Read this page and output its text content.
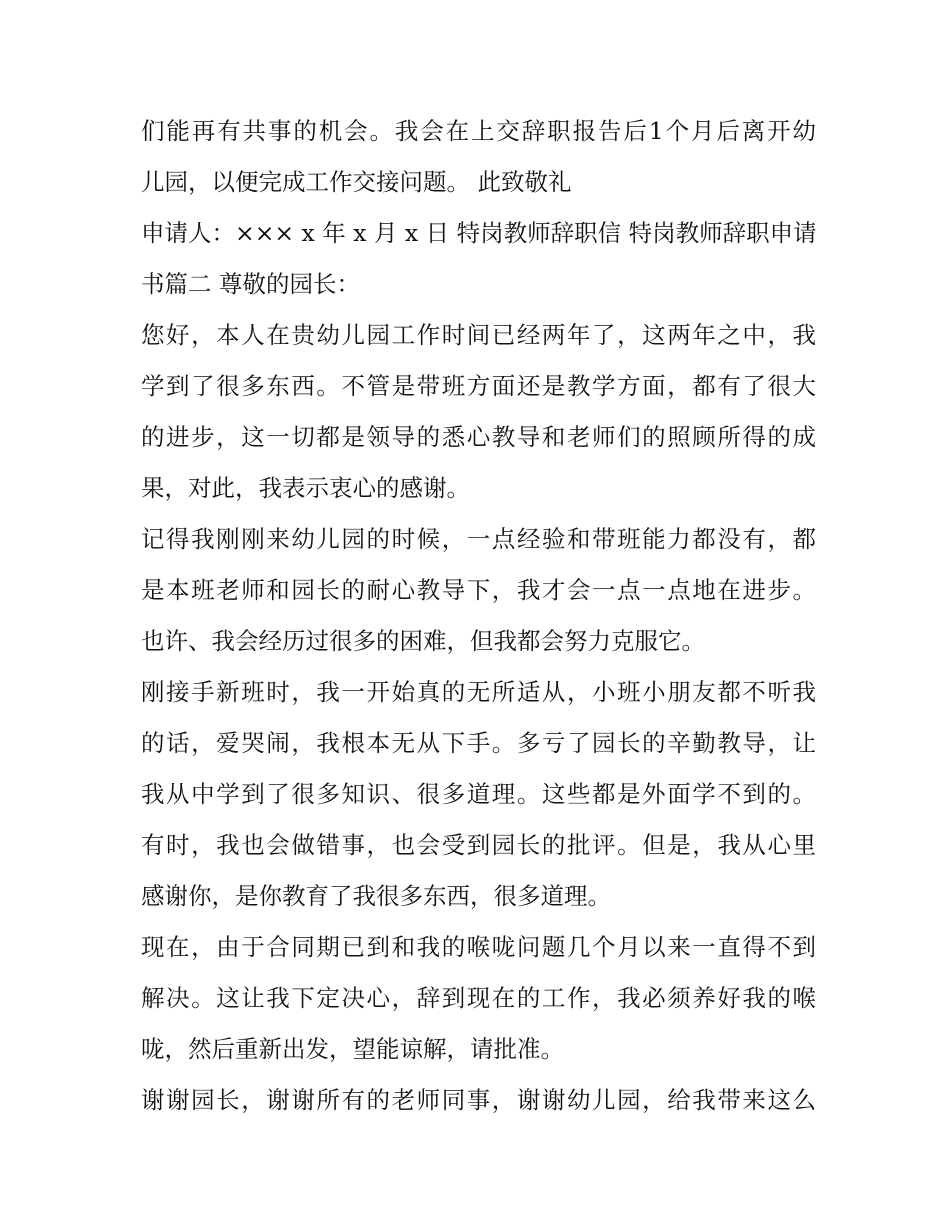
们能再有共事的机会。我会在上交辞职报告后1个月后离开幼
儿园，以便完成工作交接问题。 此致敬礼
申请人：××× x 年 x 月 x 日 特岗教师辞职信 特岗教师辞职申请
书篇二 尊敬的园长：
您好，本人在贵幼儿园工作时间已经两年了，这两年之中，我
学到了很多东西。不管是带班方面还是教学方面，都有了很大
的进步，这一切都是领导的悉心教导和老师们的照顾所得的成
果，对此，我表示衷心的感谢。
记得我刚刚来幼儿园的时候，一点经验和带班能力都没有，都
是本班老师和园长的耐心教导下，我才会一点一点地在进步。
也许、我会经历过很多的困难，但我都会努力克服它。
刚接手新班时，我一开始真的无所适从，小班小朋友都不听我
的话，爱哭闹，我根本无从下手。多亏了园长的辛勤教导，让
我从中学到了很多知识、很多道理。这些都是外面学不到的。
有时，我也会做错事，也会受到园长的批评。但是，我从心里
感谢你，是你教育了我很多东西，很多道理。
现在，由于合同期已到和我的喉咙问题几个月以来一直得不到
解决。这让我下定决心，辞到现在的工作，我必须养好我的喉
咙，然后重新出发，望能谅解，请批准。
谢谢园长，谢谢所有的老师同事，谢谢幼儿园，给我带来这么
